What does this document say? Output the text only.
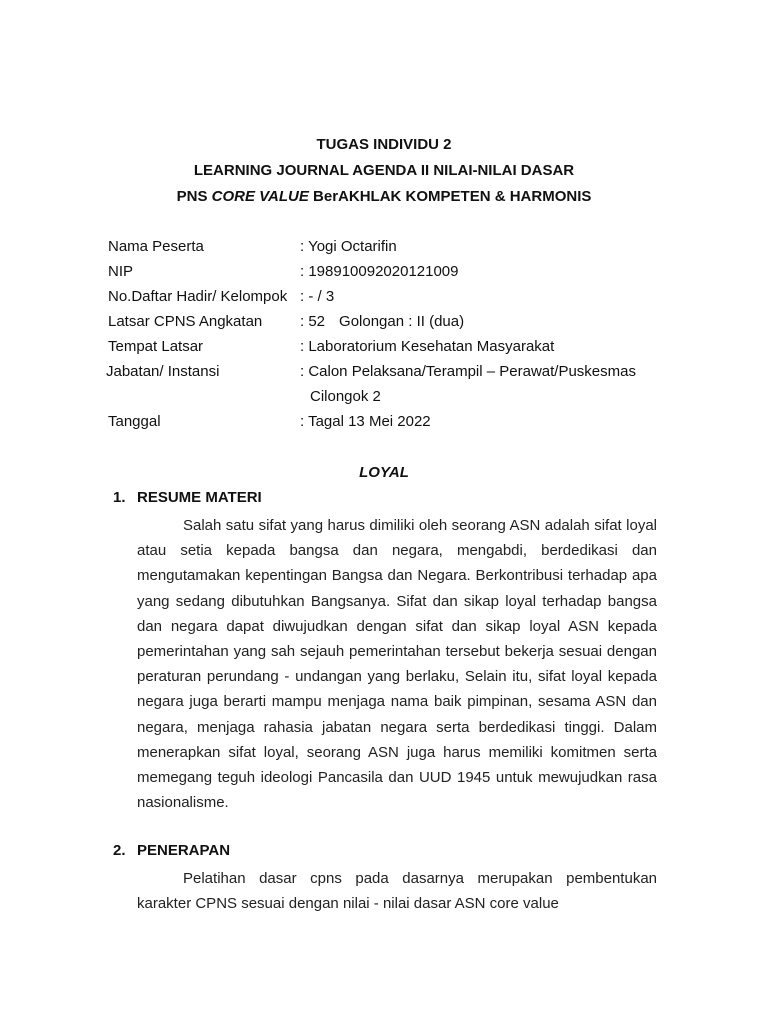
TUGAS INDIVIDU 2

LEARNING JOURNAL AGENDA II NILAI-NILAI DASAR

PNS CORE VALUE BerAKHLAK KOMPETEN & HARMONIS

Nama Peserta	: Yogi Octarifin
NIP	: 198910092020121009
No.Daftar Hadir/ Kelompok : - / 3
Latsar CPNS Angkatan	: 52 Golongan : II (dua)
Tempat Latsar	: Laboratorium Kesehatan Masyarakat
Jabatan/ Instansi	: Calon Pelaksana/Terampil – Perawat/Puskesmas
Cilongok 2
Tanggal	: Tagal 13 Mei 2022

LOYAL

1. RESUME MATERI

Salah satu sifat yang harus dimiliki oleh seorang ASN adalah sifat loyal atau setia kepada bangsa dan negara, mengabdi, berdedikasi dan mengutamakan kepentingan Bangsa dan Negara. Berkontribusi terhadap apa yang sedang dibutuhkan Bangsanya. Sifat dan sikap loyal terhadap bangsa dan negara dapat diwujudkan dengan sifat dan sikap loyal ASN kepada pemerintahan yang sah sejauh pemerintahan tersebut bekerja sesuai dengan peraturan perundang - undangan yang berlaku, Selain itu, sifat loyal kepada negara juga berarti mampu menjaga nama baik pimpinan, sesama ASN dan negara, menjaga rahasia jabatan negara serta berdedikasi tinggi. Dalam menerapkan sifat loyal, seorang ASN juga harus memiliki komitmen serta memegang teguh ideologi Pancasila dan UUD 1945 untuk mewujudkan rasa nasionalisme.

2. PENERAPAN

Pelatihan dasar cpns pada dasarnya merupakan pembentukan karakter CPNS sesuai dengan nilai - nilai dasar ASN core value
